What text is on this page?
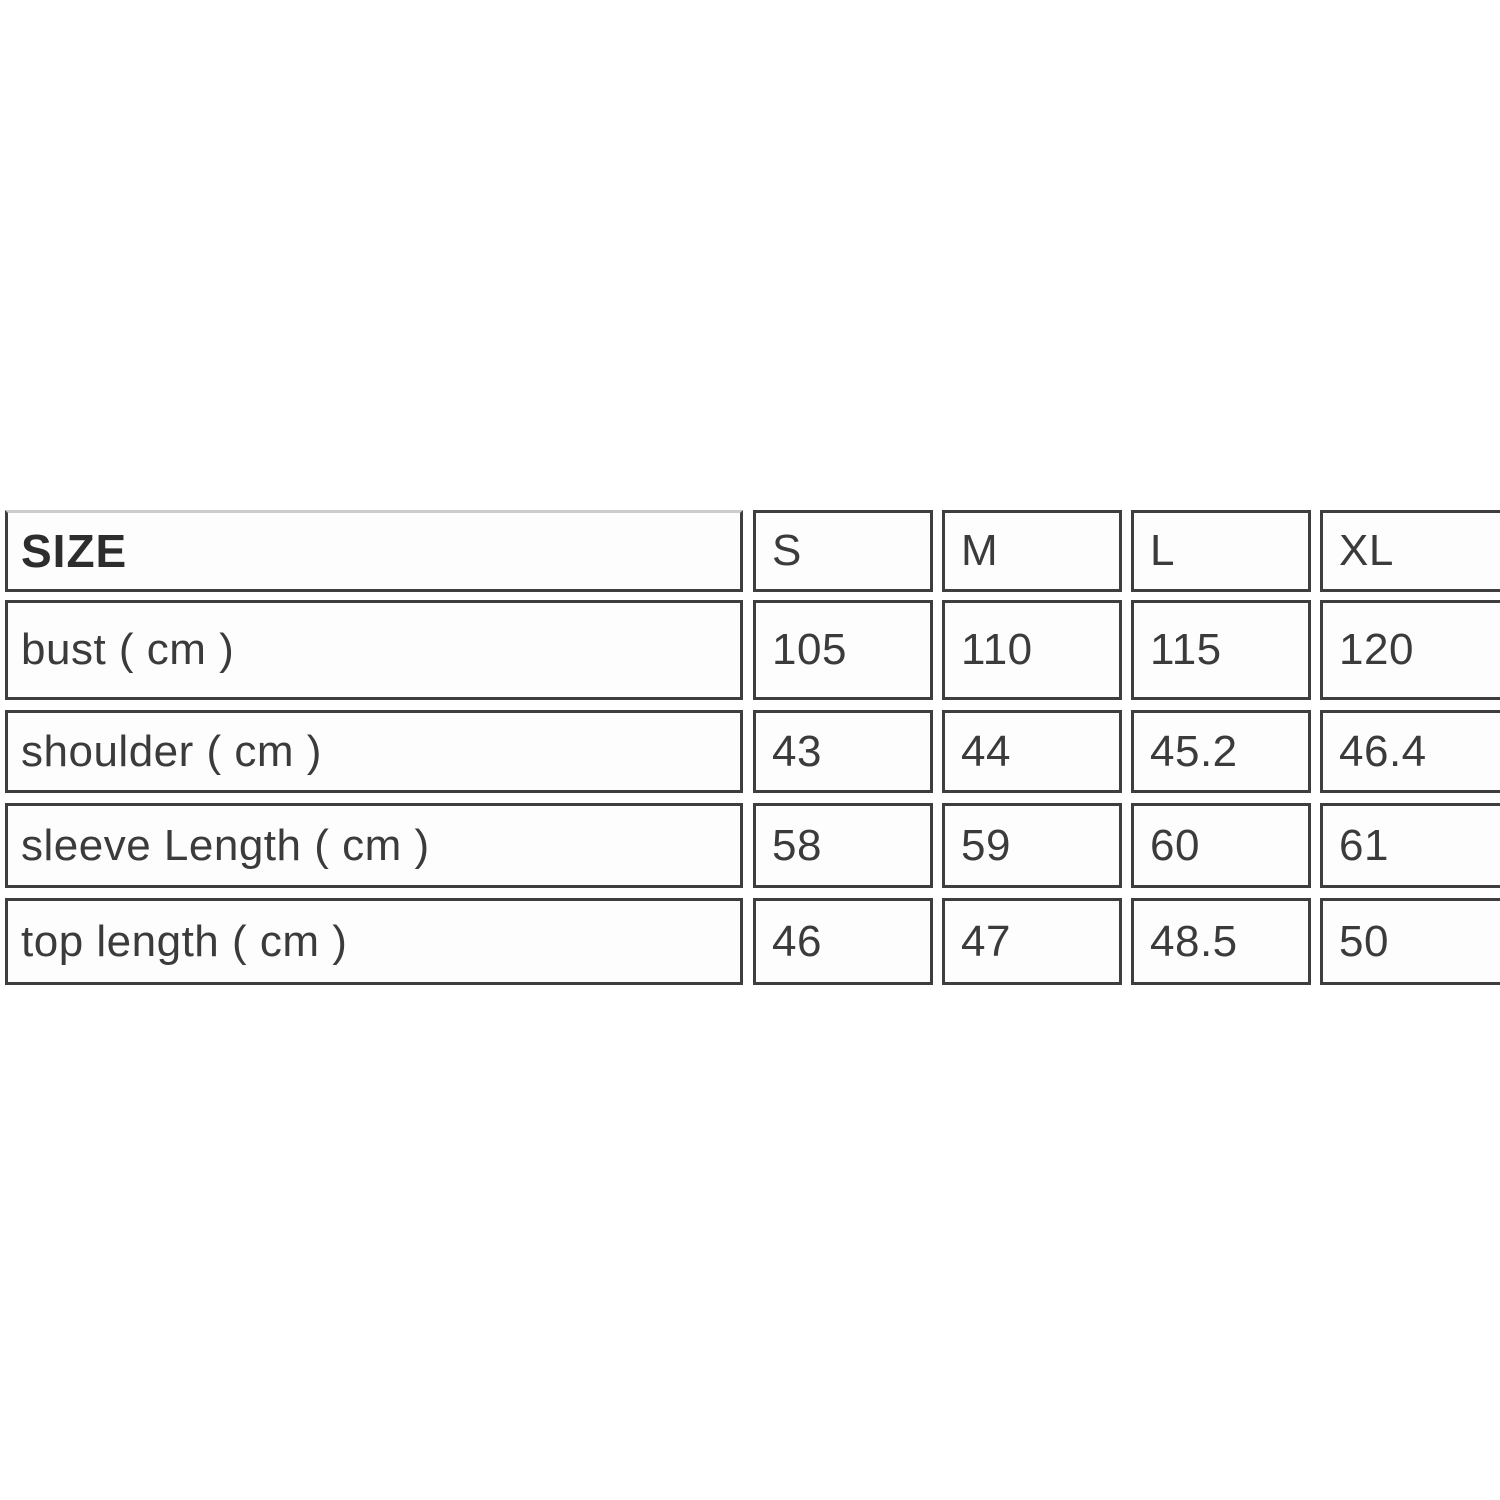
SIZE	S	M	L	XL
bust ( cm )	105	110	115	120
shoulder ( cm )	43	44	45.2	46.4
sleeve Length ( cm )	58	59	60	61
top length ( cm )	46	47	48.5	50
